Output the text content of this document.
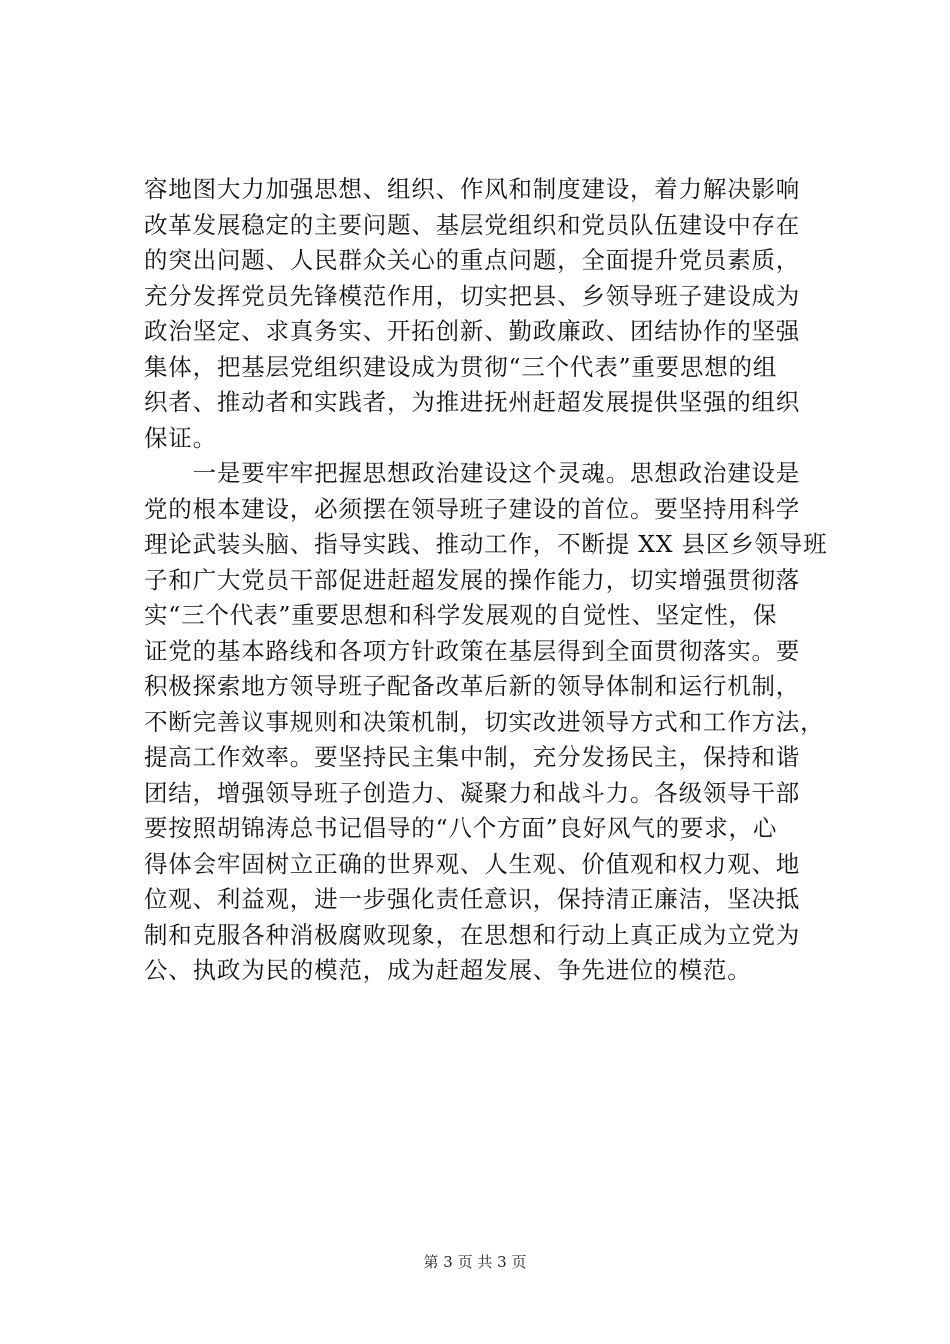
容地图大力加强思想、组织、作风和制度建设，着力解决影响
改革发展稳定的主要问题、基层党组织和党员队伍建设中存在
的突出问题、人民群众关心的重点问题，全面提升党员素质，
充分发挥党员先锋模范作用，切实把县、乡领导班子建设成为
政治坚定、求真务实、开拓创新、勤政廉政、团结协作的坚强
集体，把基层党组织建设成为贯彻“三个代表”重要思想的组
织者、推动者和实践者，为推进抚州赶超发展提供坚强的组织
保证。
　　一是要牢牢把握思想政治建设这个灵魂。思想政治建设是
党的根本建设，必须摆在领导班子建设的首位。要坚持用科学
理论武装头脑、指导实践、推动工作，不断提 XX 县区乡领导班
子和广大党员干部促进赶超发展的操作能力，切实增强贯彻落
实“三个代表”重要思想和科学发展观的自觉性、坚定性，保
证党的基本路线和各项方针政策在基层得到全面贯彻落实。要
积极探索地方领导班子配备改革后新的领导体制和运行机制，
不断完善议事规则和决策机制，切实改进领导方式和工作方法，
提高工作效率。要坚持民主集中制，充分发扬民主，保持和谐
团结，增强领导班子创造力、凝聚力和战斗力。各级领导干部
要按照胡锦涛总书记倡导的“八个方面”良好风气的要求，心
得体会牢固树立正确的世界观、人生观、价值观和权力观、地
位观、利益观，进一步强化责任意识，保持清正廉洁，坚决抵
制和克服各种消极腐败现象，在思想和行动上真正成为立党为
公、执政为民的模范，成为赶超发展、争先进位的模范。
第 3 页 共 3 页
